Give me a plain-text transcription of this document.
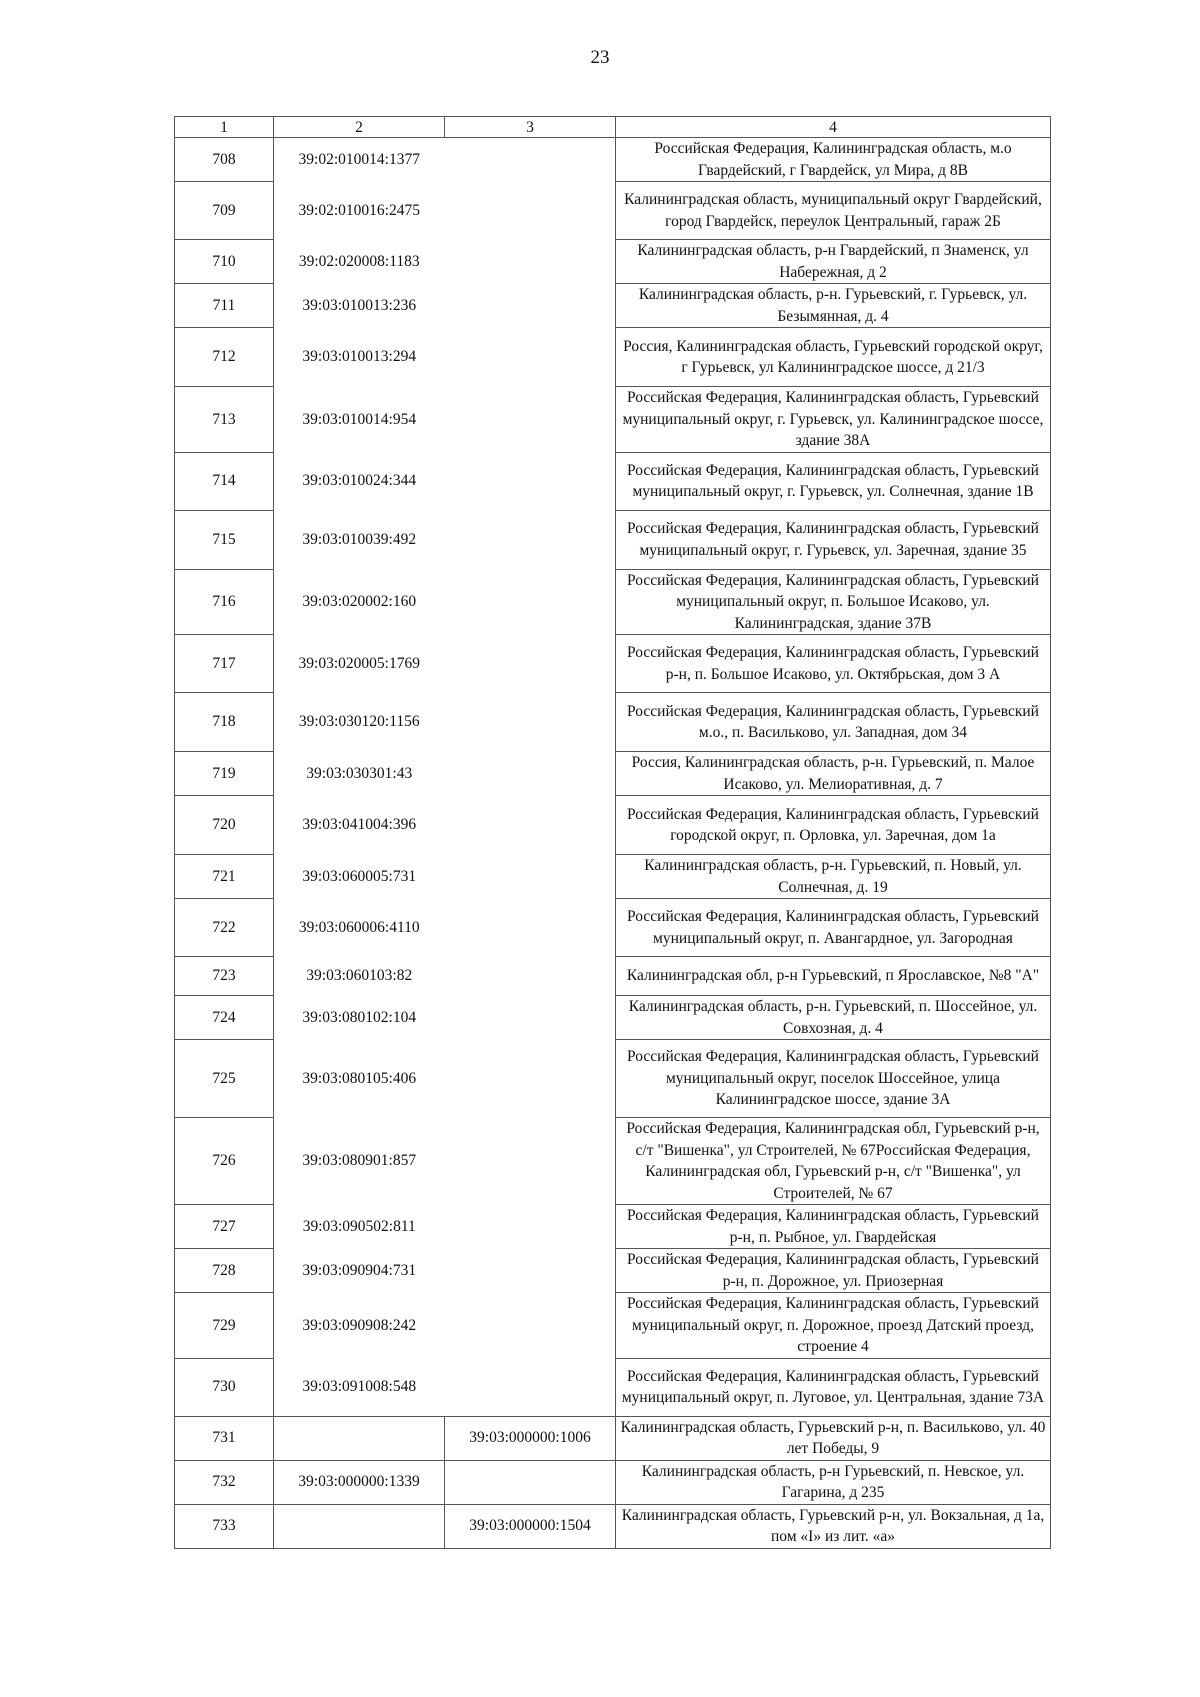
23
1	2	3	4
708	39:02:010014:1377		Российская Федерация, Калининградская область, м.о Гвардейский, г Гвардейск, ул Мира, д 8В
709	39:02:010016:2475		Калининградская область, муниципальный округ Гвардейский, город Гвардейск, переулок Центральный, гараж 2Б
710	39:02:020008:1183		Калининградская область, р-н Гвардейский, п Знаменск, ул Набережная, д 2
711	39:03:010013:236		Калининградская область, р-н. Гурьевский, г. Гурьевск, ул. Безымянная, д. 4
712	39:03:010013:294		Россия, Калининградская область, Гурьевский городской округ, г Гурьевск, ул Калининградское шоссе, д 21/3
713	39:03:010014:954		Российская Федерация, Калининградская область, Гурьевский муниципальный округ, г. Гурьевск, ул. Калининградское шоссе, здание 38А
714	39:03:010024:344		Российская Федерация, Калининградская область, Гурьевский муниципальный округ, г. Гурьевск, ул. Солнечная, здание 1В
715	39:03:010039:492		Российская Федерация, Калининградская область, Гурьевский муниципальный округ, г. Гурьевск, ул. Заречная, здание 35
716	39:03:020002:160		Российская Федерация, Калининградская область, Гурьевский муниципальный округ, п. Большое Исаково, ул. Калининградская, здание 37В
717	39:03:020005:1769		Российская Федерация, Калининградская область, Гурьевский р-н, п. Большое Исаково, ул. Октябрьская, дом 3 А
718	39:03:030120:1156		Российская Федерация, Калининградская область, Гурьевский м.о., п. Васильково, ул. Западная, дом 34
719	39:03:030301:43		Россия, Калининградская область, р-н. Гурьевский, п. Малое Исаково, ул. Мелиоративная, д. 7
720	39:03:041004:396		Российская Федерация, Калининградская область, Гурьевский городской округ, п. Орловка, ул. Заречная, дом 1а
721	39:03:060005:731		Калининградская область, р-н. Гурьевский, п. Новый, ул. Солнечная, д. 19
722	39:03:060006:4110		Российская Федерация, Калининградская область, Гурьевский муниципальный округ, п. Авангардное, ул. Загородная
723	39:03:060103:82		Калининградская обл, р-н Гурьевский, п Ярославское, №8 "А"
724	39:03:080102:104		Калининградская область, р-н. Гурьевский, п. Шоссейное, ул. Совхозная, д. 4
725	39:03:080105:406		Российская Федерация, Калининградская область, Гурьевский муниципальный округ, поселок Шоссейное, улица Калининградское шоссе, здание 3А
726	39:03:080901:857		Российская Федерация, Калининградская обл, Гурьевский р-н, с/т "Вишенка", ул Строителей, № 67Российская Федерация, Калининградская обл, Гурьевский р-н, с/т "Вишенка", ул Строителей, № 67
727	39:03:090502:811		Российская Федерация, Калининградская область, Гурьевский р-н, п. Рыбное, ул. Гвардейская
728	39:03:090904:731		Российская Федерация, Калининградская область, Гурьевский р-н, п. Дорожное, ул. Приозерная
729	39:03:090908:242		Российская Федерация, Калининградская область, Гурьевский муниципальный округ, п. Дорожное, проезд Датский проезд, строение 4
730	39:03:091008:548		Российская Федерация, Калининградская область, Гурьевский муниципальный округ, п. Луговое, ул. Центральная, здание 73А
731		39:03:000000:1006	Калининградская область, Гурьевский р-н, п. Васильково, ул. 40 лет Победы, 9
732	39:03:000000:1339		Калининградская область, р-н Гурьевский, п. Невское, ул. Гагарина, д 235
733		39:03:000000:1504	Калининградская область, Гурьевский р-н, ул. Вокзальная, д 1а, пом «I» из лит. «а»
